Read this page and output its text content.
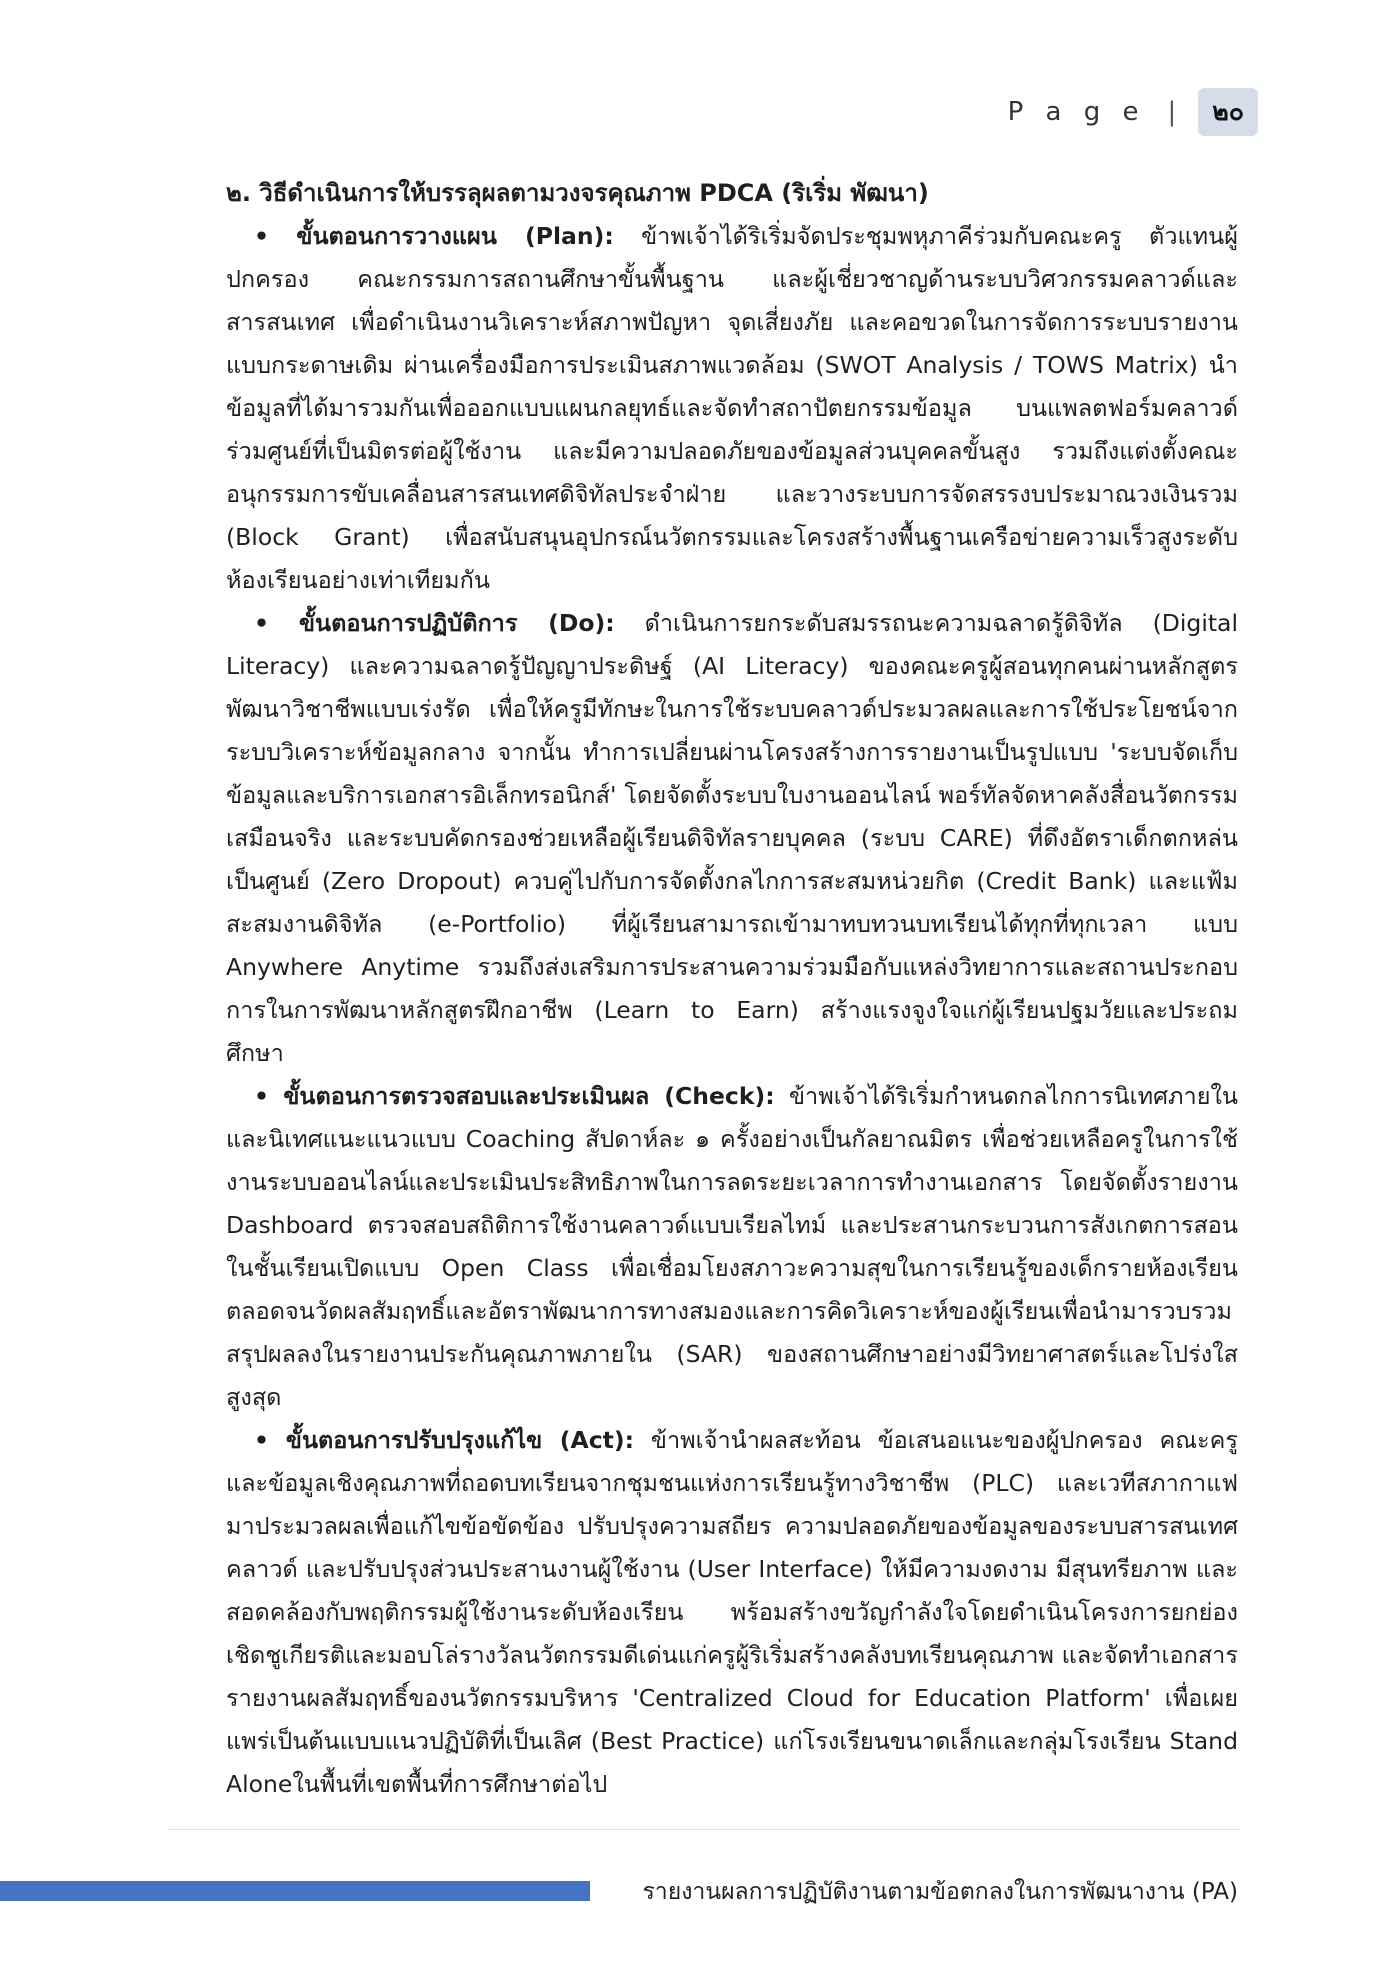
P a g e |	๒๐

๒. วิธีดำเนินการให้บรรลุผลตามวงจรคุณภาพ PDCA (ริเริ่ม พัฒนา)

• ขั้นตอนการวางแผน (Plan): ข้าพเจ้าได้ริเริ่มจัดประชุมพหุภาคีร่วมกับคณะครู ตัวแทนผู้ปกครอง คณะกรรมการสถานศึกษาขั้นพื้นฐาน และผู้เชี่ยวชาญด้านระบบวิศวกรรมคลาวด์และสารสนเทศ เพื่อดำเนินงานวิเคราะห์สภาพปัญหา จุดเสี่ยงภัย และคอขวดในการจัดการระบบรายงานแบบกระดาษเดิม ผ่านเครื่องมือการประเมินสภาพแวดล้อม (SWOT Analysis / TOWS Matrix) นำข้อมูลที่ได้มารวมกันเพื่อออกแบบแผนกลยุทธ์และจัดทำสถาปัตยกรรมข้อมูล บนแพลตฟอร์มคลาวด์ร่วมศูนย์ที่เป็นมิตรต่อผู้ใช้งาน และมีความปลอดภัยของข้อมูลส่วนบุคคลขั้นสูง รวมถึงแต่งตั้งคณะอนุกรรมการขับเคลื่อนสารสนเทศดิจิทัลประจำฝ่าย และวางระบบการจัดสรรงบประมาณวงเงินรวม (Block Grant) เพื่อสนับสนุนอุปกรณ์นวัตกรรมและโครงสร้างพื้นฐานเครือข่ายความเร็วสูงระดับห้องเรียนอย่างเท่าเทียมกัน

• ขั้นตอนการปฏิบัติการ (Do): ดำเนินการยกระดับสมรรถนะความฉลาดรู้ดิจิทัล (Digital Literacy) และความฉลาดรู้ปัญญาประดิษฐ์ (AI Literacy) ของคณะครูผู้สอนทุกคนผ่านหลักสูตรพัฒนาวิชาชีพแบบเร่งรัด เพื่อให้ครูมีทักษะในการใช้ระบบคลาวด์ประมวลผลและการใช้ประโยชน์จากระบบวิเคราะห์ข้อมูลกลาง จากนั้น ทำการเปลี่ยนผ่านโครงสร้างการรายงานเป็นรูปแบบ 'ระบบจัดเก็บข้อมูลและบริการเอกสารอิเล็กทรอนิกส์' โดยจัดตั้งระบบใบงานออนไลน์ พอร์ทัลจัดหาคลังสื่อนวัตกรรมเสมือนจริง และระบบคัดกรองช่วยเหลือผู้เรียนดิจิทัลรายบุคคล (ระบบ CARE) ที่ดึงอัตราเด็กตกหล่นเป็นศูนย์ (Zero Dropout) ควบคู่ไปกับการจัดตั้งกลไกการสะสมหน่วยกิต (Credit Bank) และแฟ้มสะสมงานดิจิทัล (e-Portfolio) ที่ผู้เรียนสามารถเข้ามาทบทวนบทเรียนได้ทุกที่ทุกเวลา แบบ Anywhere Anytime รวมถึงส่งเสริมการประสานความร่วมมือกับแหล่งวิทยาการและสถานประกอบการในการพัฒนาหลักสูตรฝึกอาชีพ (Learn to Earn) สร้างแรงจูงใจแก่ผู้เรียนปฐมวัยและประถมศึกษา

• ขั้นตอนการตรวจสอบและประเมินผล (Check): ข้าพเจ้าได้ริเริ่มกำหนดกลไกการนิเทศภายในและนิเทศแนะแนวแบบ Coaching สัปดาห์ละ ๑ ครั้งอย่างเป็นกัลยาณมิตร เพื่อช่วยเหลือครูในการใช้งานระบบออนไลน์และประเมินประสิทธิภาพในการลดระยะเวลาการทำงานเอกสาร โดยจัดตั้งรายงาน Dashboard ตรวจสอบสถิติการใช้งานคลาวด์แบบเรียลไทม์ และประสานกระบวนการสังเกตการสอนในชั้นเรียนเปิดแบบ Open Class เพื่อเชื่อมโยงสภาวะความสุขในการเรียนรู้ของเด็กรายห้องเรียน ตลอดจนวัดผลสัมฤทธิ์และอัตราพัฒนาการทางสมองและการคิดวิเคราะห์ของผู้เรียนเพื่อนำมารวบรวมสรุปผลลงในรายงานประกันคุณภาพภายใน (SAR) ของสถานศึกษาอย่างมีวิทยาศาสตร์และโปร่งใสสูงสุด

• ขั้นตอนการปรับปรุงแก้ไข (Act): ข้าพเจ้านำผลสะท้อน ข้อเสนอแนะของผู้ปกครอง คณะครู และข้อมูลเชิงคุณภาพที่ถอดบทเรียนจากชุมชนแห่งการเรียนรู้ทางวิชาชีพ (PLC) และเวทีสภากาแฟ มาประมวลผลเพื่อแก้ไขข้อขัดข้อง ปรับปรุงความสถียร ความปลอดภัยของข้อมูลของระบบสารสนเทศคลาวด์ และปรับปรุงส่วนประสานงานผู้ใช้งาน (User Interface) ให้มีความงดงาม มีสุนทรียภาพ และสอดคล้องกับพฤติกรรมผู้ใช้งานระดับห้องเรียน พร้อมสร้างขวัญกำลังใจโดยดำเนินโครงการยกย่องเชิดชูเกียรติและมอบโล่รางวัลนวัตกรรมดีเด่นแก่ครูผู้ริเริ่มสร้างคลังบทเรียนคุณภาพ และจัดทำเอกสารรายงานผลสัมฤทธิ์ของนวัตกรรมบริหาร 'Centralized Cloud for Education Platform' เพื่อเผยแพร่เป็นต้นแบบแนวปฏิบัติที่เป็นเลิศ (Best Practice) แก่โรงเรียนขนาดเล็กและกลุ่มโรงเรียน Stand Aloneในพื้นที่เขตพื้นที่การศึกษาต่อไป

รายงานผลการปฏิบัติงานตามข้อตกลงในการพัฒนางาน (PA)
